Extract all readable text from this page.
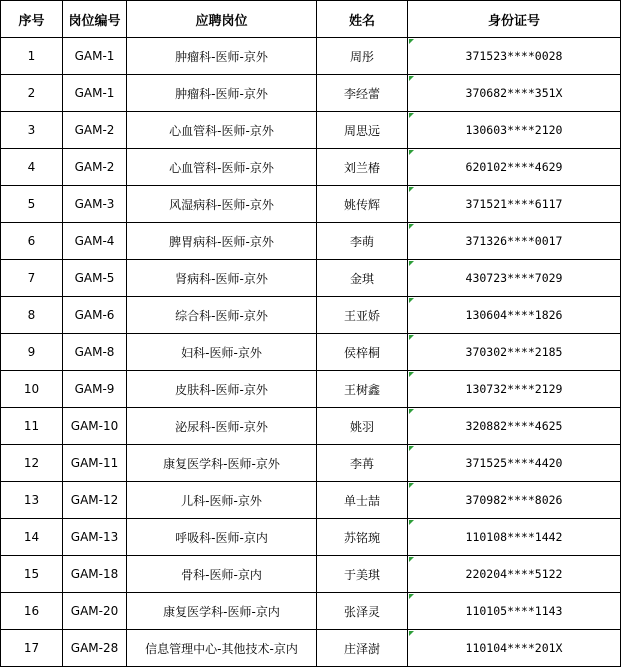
序号	岗位编号	应聘岗位	姓名	身份证号
1	GAM-1	肿瘤科-医师-京外	周彤	371523****0028
2	GAM-1	肿瘤科-医师-京外	李经蕾	370682****351X
3	GAM-2	心血管科-医师-京外	周思远	130603****2120
4	GAM-2	心血管科-医师-京外	刘兰椿	620102****4629
5	GAM-3	风湿病科-医师-京外	姚传辉	371521****6117
6	GAM-4	脾胃病科-医师-京外	李萌	371326****0017
7	GAM-5	肾病科-医师-京外	金琪	430723****7029
8	GAM-6	综合科-医师-京外	王亚娇	130604****1826
9	GAM-8	妇科-医师-京外	侯梓桐	370302****2185
10	GAM-9	皮肤科-医师-京外	王树鑫	130732****2129
11	GAM-10	泌尿科-医师-京外	姚羽	320882****4625
12	GAM-11	康复医学科-医师-京外	李苒	371525****4420
13	GAM-12	儿科-医师-京外	单士喆	370982****8026
14	GAM-13	呼吸科-医师-京内	苏铭琬	110108****1442
15	GAM-18	骨科-医师-京内	于美琪	220204****5122
16	GAM-20	康复医学科-医师-京内	张泽灵	110105****1143
17	GAM-28	信息管理中心-其他技术-京内	庄泽澍	110104****201X
